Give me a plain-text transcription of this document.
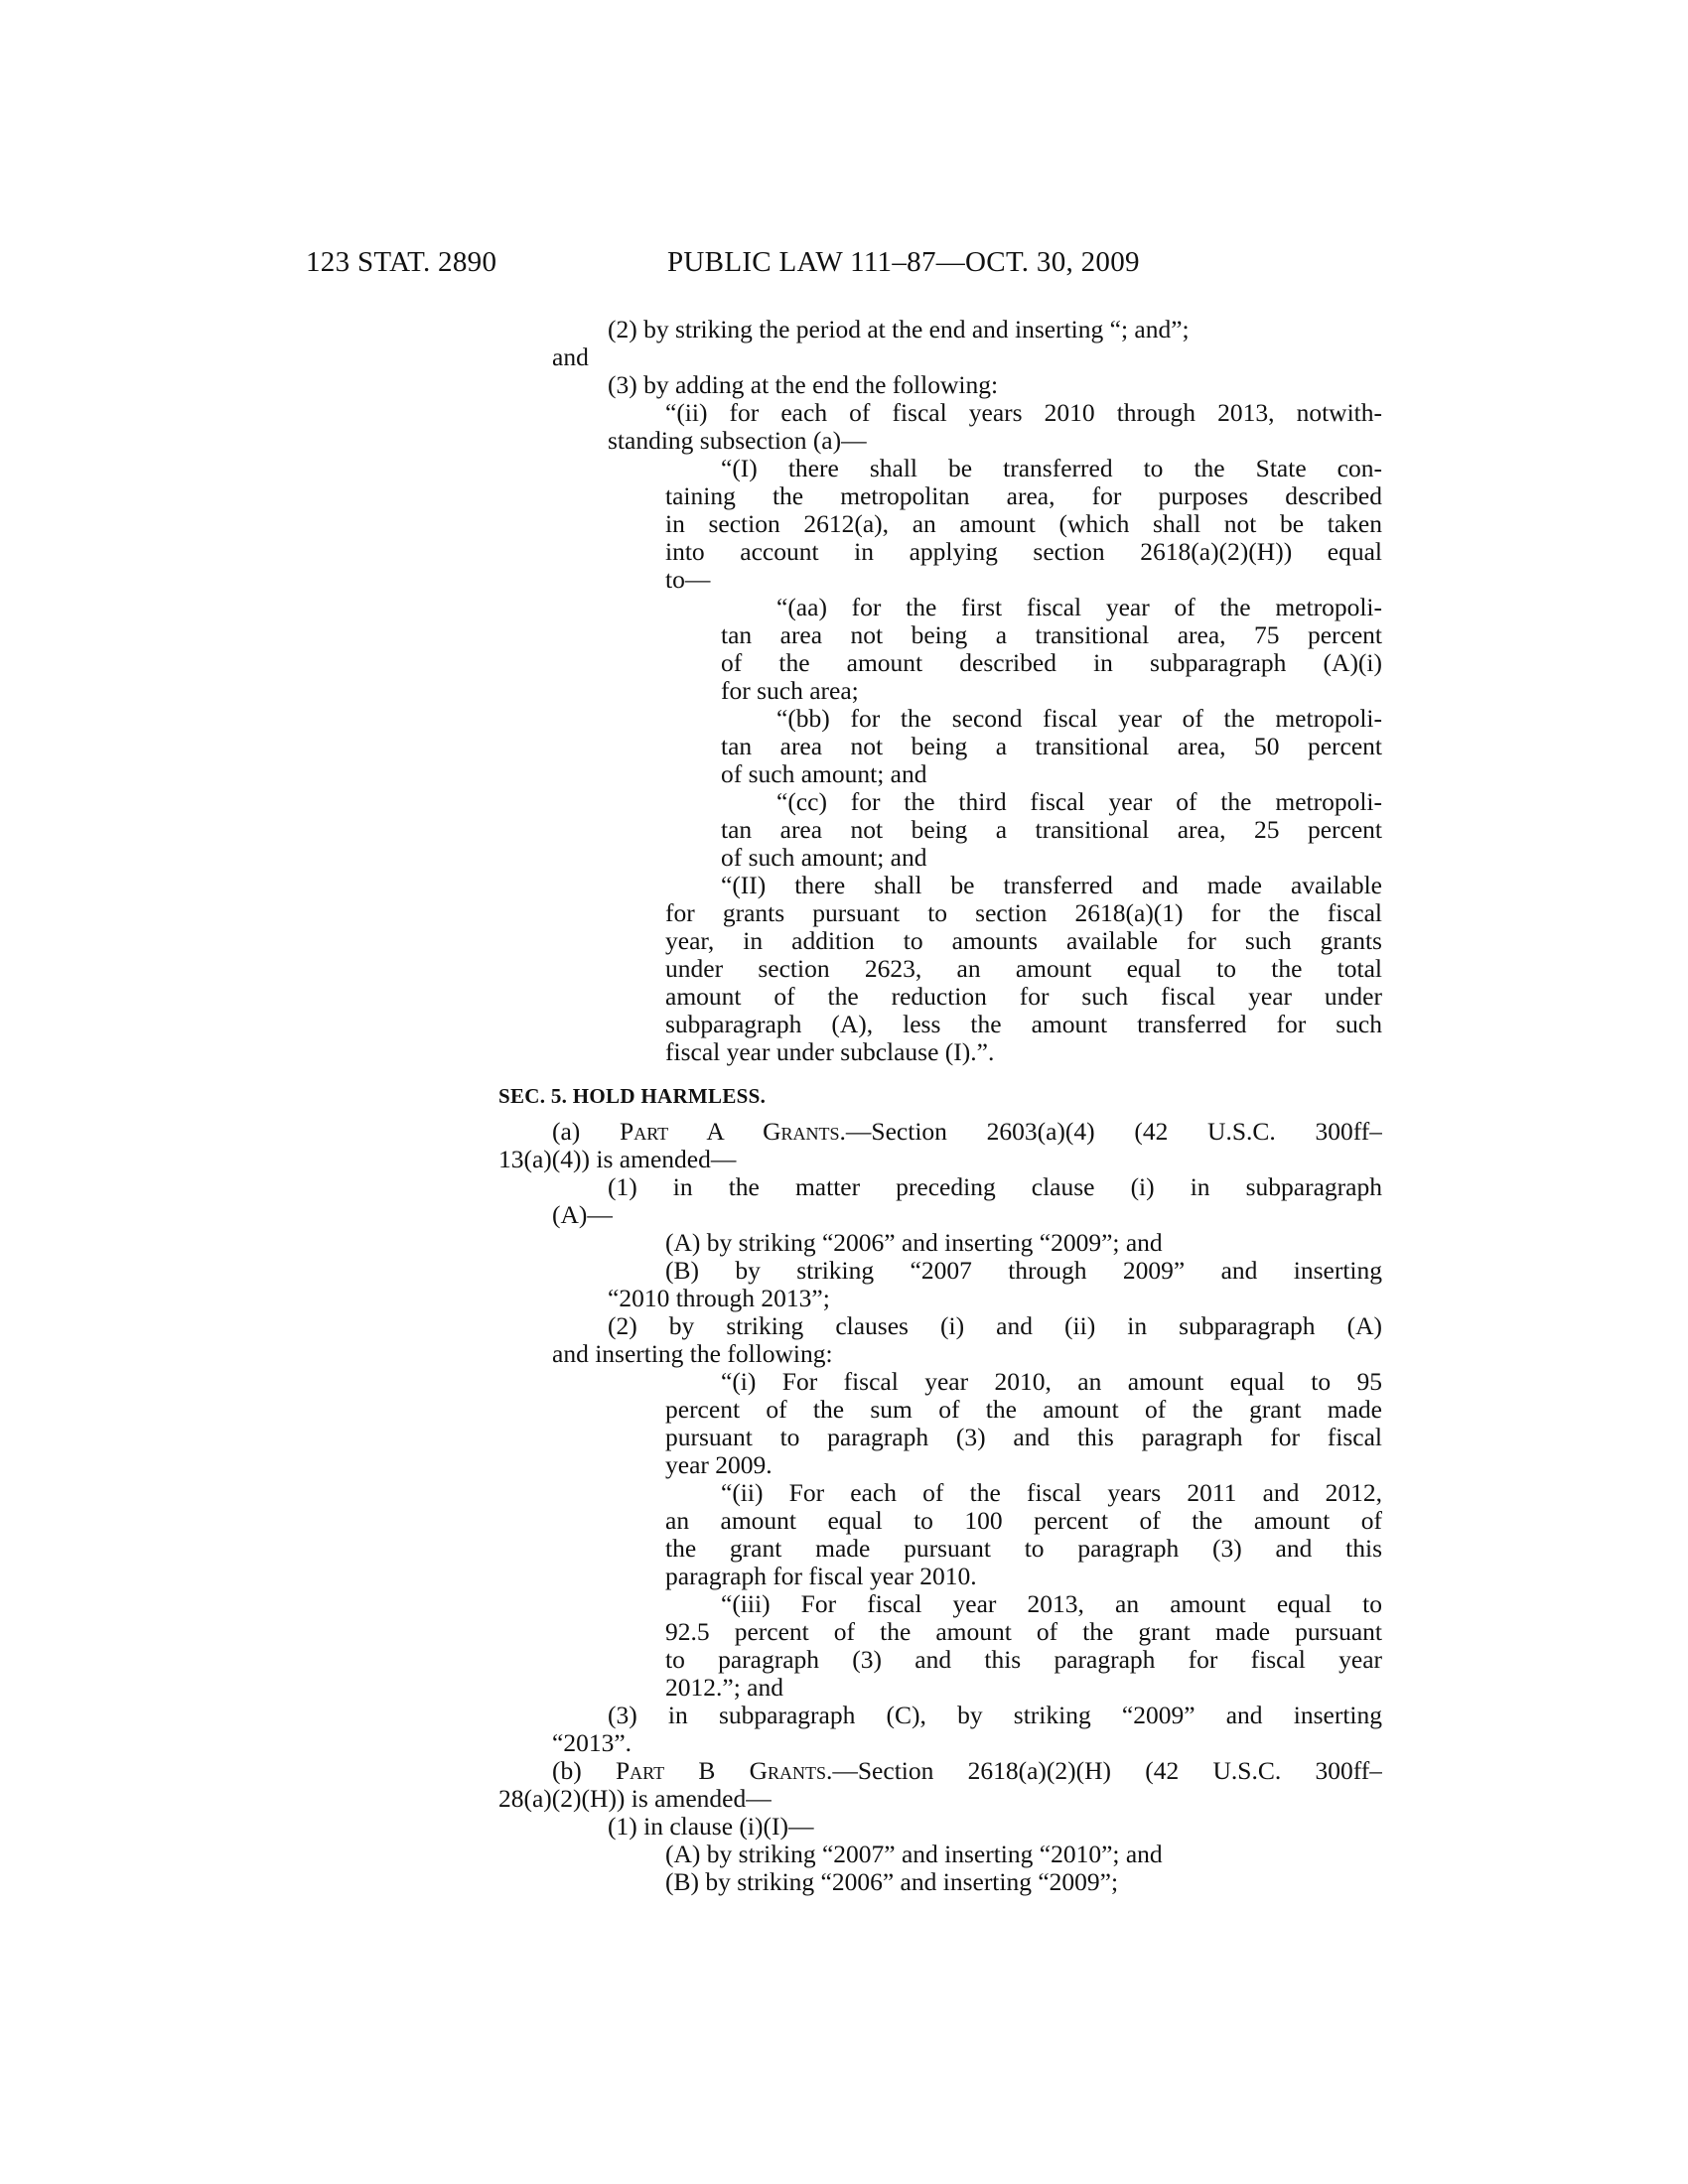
123 STAT. 2890	PUBLIC LAW 111–87—OCT. 30, 2009
(2) by striking the period at the end and inserting “; and”;
and
(3) by adding at the end the following:
“(ii) for each of fiscal years 2010 through 2013, notwith-
standing subsection (a)—
“(I) there shall be transferred to the State con-
taining the metropolitan area, for purposes described
in section 2612(a), an amount (which shall not be taken
into account in applying section 2618(a)(2)(H)) equal
to—
“(aa) for the first fiscal year of the metropoli-
tan area not being a transitional area, 75 percent
of the amount described in subparagraph (A)(i)
for such area;
“(bb) for the second fiscal year of the metropoli-
tan area not being a transitional area, 50 percent
of such amount; and
“(cc) for the third fiscal year of the metropoli-
tan area not being a transitional area, 25 percent
of such amount; and
“(II) there shall be transferred and made available
for grants pursuant to section 2618(a)(1) for the fiscal
year, in addition to amounts available for such grants
under section 2623, an amount equal to the total
amount of the reduction for such fiscal year under
subparagraph (A), less the amount transferred for such
fiscal year under subclause (I).”.
SEC. 5. HOLD HARMLESS.
(a) Part A Grants.—Section 2603(a)(4) (42 U.S.C. 300ff–
13(a)(4)) is amended—
(1) in the matter preceding clause (i) in subparagraph
(A)—
(A) by striking “2006” and inserting “2009”; and
(B) by striking “2007 through 2009” and inserting
“2010 through 2013”;
(2) by striking clauses (i) and (ii) in subparagraph (A)
and inserting the following:
“(i) For fiscal year 2010, an amount equal to 95
percent of the sum of the amount of the grant made
pursuant to paragraph (3) and this paragraph for fiscal
year 2009.
“(ii) For each of the fiscal years 2011 and 2012,
an amount equal to 100 percent of the amount of
the grant made pursuant to paragraph (3) and this
paragraph for fiscal year 2010.
“(iii) For fiscal year 2013, an amount equal to
92.5 percent of the amount of the grant made pursuant
to paragraph (3) and this paragraph for fiscal year
2012.”; and
(3) in subparagraph (C), by striking “2009” and inserting
“2013”.
(b) Part B Grants.—Section 2618(a)(2)(H) (42 U.S.C. 300ff–
28(a)(2)(H)) is amended—
(1) in clause (i)(I)—
(A) by striking “2007” and inserting “2010”; and
(B) by striking “2006” and inserting “2009”;
